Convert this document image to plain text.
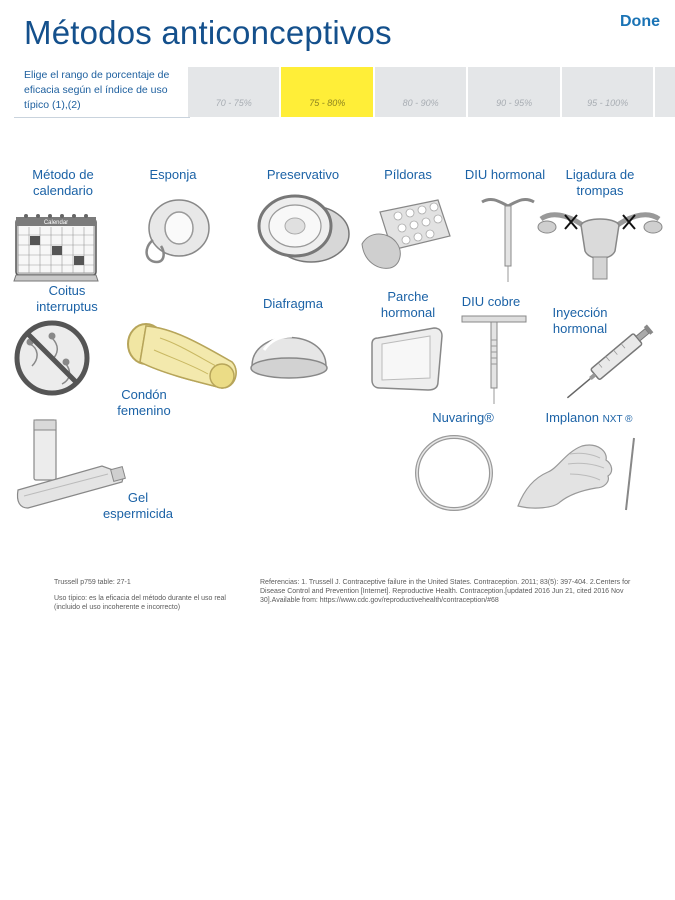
Métodos anticonceptivos	Done
Elige el rango de porcentaje de eficacia según el índice de uso típico (1),(2)	70 - 75%	75 - 80%	80 - 90%	90 - 95%	95 - 100%
Método de calendario
Calendar
Esponja	Preservativo	Píldoras	DIU hormonal	Ligadura de trompas
Coitus interruptus	Diafragma	Parche hormonal
DIU cobre
Inyección hormonal
Condón femenino	Nuvaring®	Implanon NXT ®
Gel espermicida
Trussell p759 table: 27-1
Uso típico: es la eficacia del método durante el uso real (incluido el uso incoherente e incorrecto)
Referencias: 1. Trussell J. Contraceptive failure in the United States. Contraception. 2011; 83(5): 397-404. 2.Centers for Disease Control and Prevention [Internet]. Reproductive Health. Contraception.[updated 2016 Jun 21, cited 2016 Nov 30].Available from: https://www.cdc.gov/reproductivehealth/contraception/#68
